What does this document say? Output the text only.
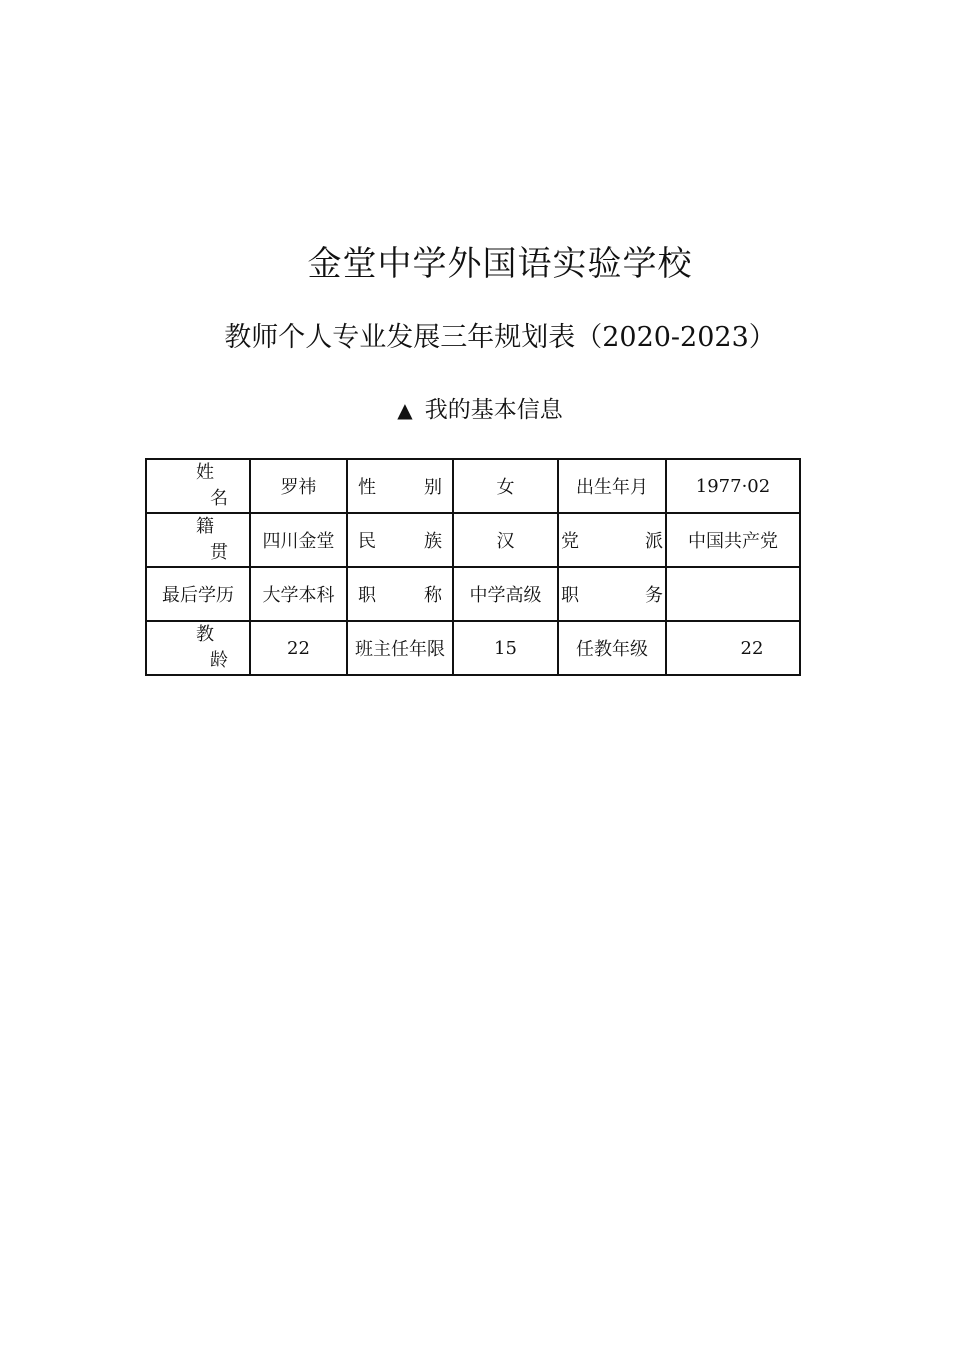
金堂中学外国语实验学校
教师个人专业发展三年规划表（2020-2023）
▲ 我的基本信息
姓
名	罗祎	性别	女	出生年月	1977·02

籍
贯	四川金堂	民族	汉	党派	中国共产党
最后学历	大学本科	职称	中学高级	职务	

教
龄	22	班主任年限	15	任教年级	22
